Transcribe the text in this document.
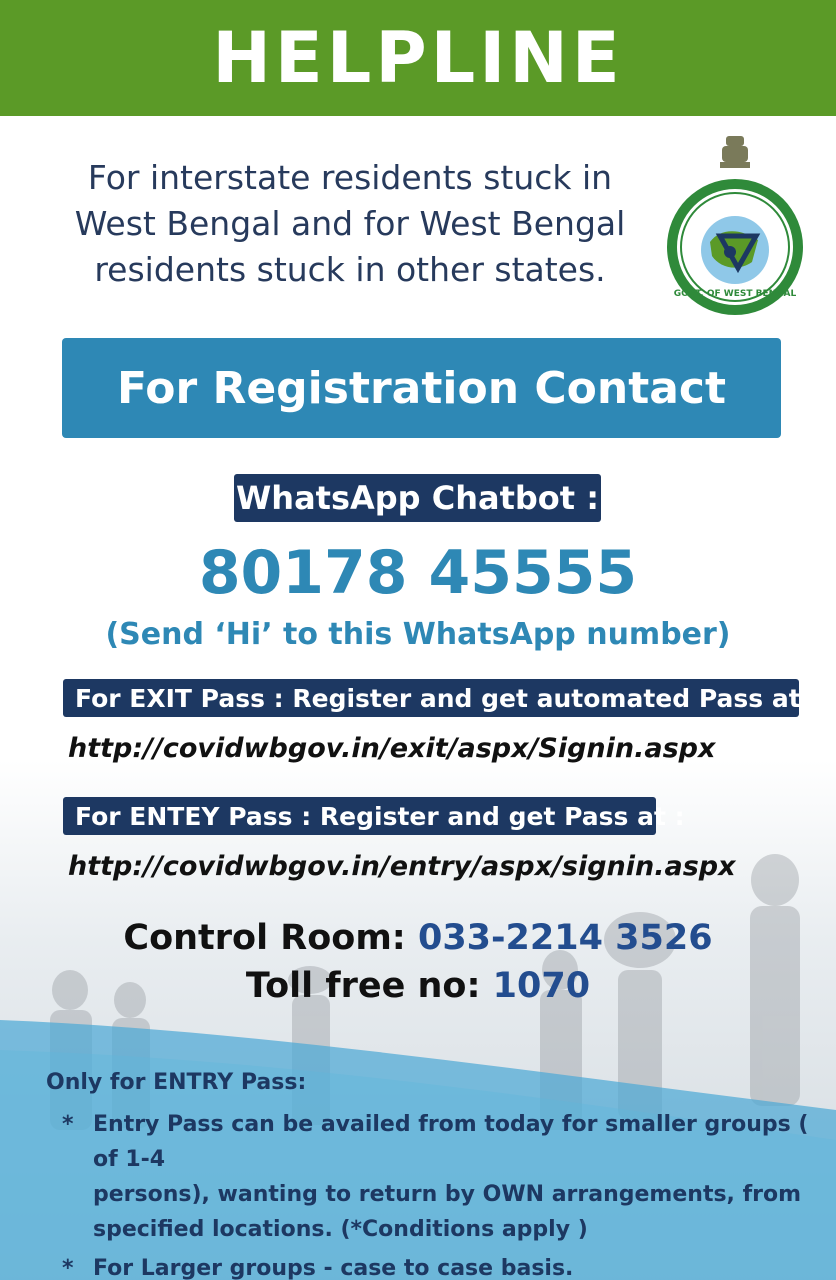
HELPLINE
For interstate residents stuck in
West Bengal and for West Bengal
residents stuck in other states.
GOVT. OF WEST BENGAL
For Registration Contact
WhatsApp Chatbot :
80178 45555
(Send ‘Hi’ to this WhatsApp number)
For EXIT Pass : Register and get automated Pass at
http://covidwbgov.in/exit/aspx/Signin.aspx
For ENTEY Pass : Register and get Pass at :
http://covidwbgov.in/entry/aspx/signin.aspx
Control Room: 033-2214 3526
Toll free no: 1070
Only for ENTRY Pass:
* Entry Pass can be availed from today for smaller groups ( of 1-4
persons), wanting to return by OWN arrangements, from
specified locations. (*Conditions apply )
* For Larger groups - case to case basis.
